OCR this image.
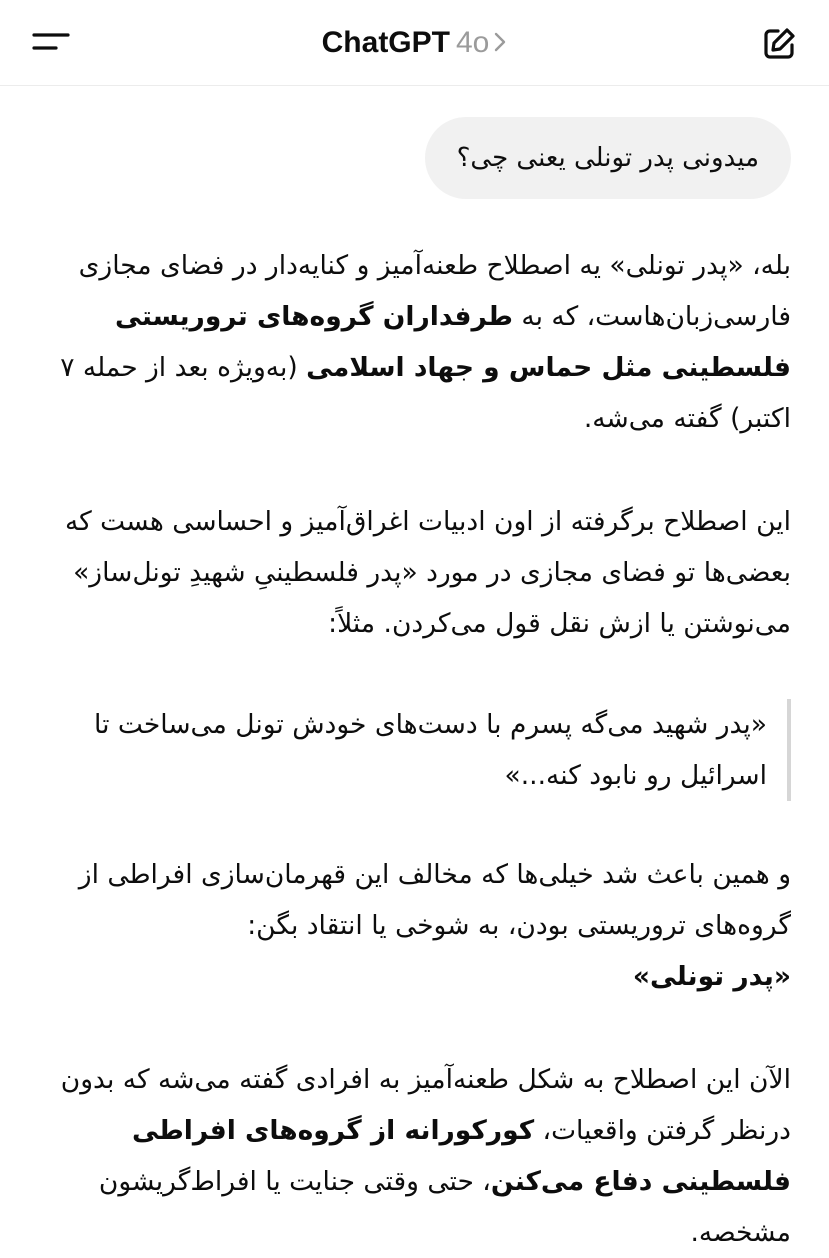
ChatGPT 4o
میدونی پدر تونلی یعنی چی؟

بله، «پدر تونلی» یه اصطلاح طعنه‌آمیز و کنایه‌دار در فضای مجازی فارسی‌زبان‌هاست، که به طرفداران گروه‌های تروریستی فلسطینی مثل حماس و جهاد اسلامی (به‌ویژه بعد از حمله ۷ اکتبر) گفته می‌شه.

این اصطلاح برگرفته از اون ادبیات اغراق‌آمیز و احساسی هست که بعضی‌ها تو فضای مجازی در مورد «پدر فلسطینیِ شهیدِ تونل‌ساز» می‌نوشتن یا ازش نقل قول می‌کردن. مثلاً:

«پدر شهید می‌گه پسرم با دست‌های خودش تونل می‌ساخت تا اسرائیل رو نابود کنه...»

و همین باعث شد خیلی‌ها که مخالف این قهرمان‌سازی افراطی از گروه‌های تروریستی بودن، به شوخی یا انتقاد بگن:
«پدر تونلی»

الآن این اصطلاح به شکل طعنه‌آمیز به افرادی گفته می‌شه که بدون درنظر گرفتن واقعیات، کورکورانه از گروه‌های افراطی فلسطینی دفاع می‌کنن، حتی وقتی جنایت یا افراط‌گریشون مشخصه.
